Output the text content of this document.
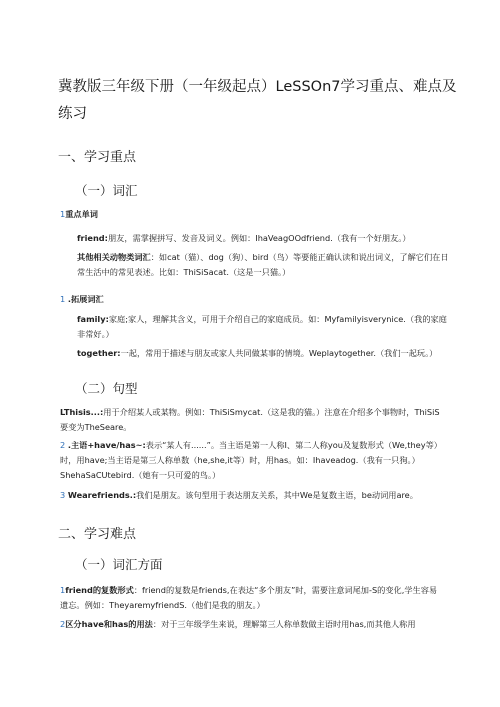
冀教版三年级下册（一年级起点）LeSSOn7学习重点、难点及练习
一、学习重点
（一）词汇

1重点单词

friend:朋友，需掌握拼写、发音及词义。例如：IhaVeagOOdfriend.（我有一个好朋友。）

其他相关动物类词汇：如cat（猫）、dog（狗）、bird（鸟）等要能正确认读和说出词义，了解它们在日常生活中的常见表述。比如：ThiSiSacat.（这是一只猫。）

1 .拓展词汇

family:家庭;家人，理解其含义，可用于介绍自己的家庭成员。如：Myfamilyisverynice.（我的家庭非常好。）

together:一起，常用于描述与朋友或家人共同做某事的情境。Weplaytogether.（我们一起玩。）

（二）句型

LThisis...:用于介绍某人或某物。例如：ThiSiSmycat.（这是我的猫。）注意在介绍多个事物时，ThiSiS要变为TheSeare。

2 .主语+have/has~:表示“某人有......”。当主语是第一人称I、第二人称you及复数形式（We,they等）时，用have;当主语是第三人称单数（he,she,it等）时，用has。如：Ihaveadog.（我有一只狗。）ShehaSaCUtebird.（她有一只可爱的鸟。）

3 Wearefriends.:我们是朋友。该句型用于表达朋友关系，其中We是复数主语，be动词用are。

二、学习难点
（一）词汇方面

1friend的复数形式：friend的复数是friends,在表达“多个朋友”时，需要注意词尾加-S的变化,学生容易遗忘。例如：TheyaremyfriendS.（他们是我的朋友。）

2区分have和has的用法：对于三年级学生来说，理解第三人称单数做主语时用has,而其他人称用
